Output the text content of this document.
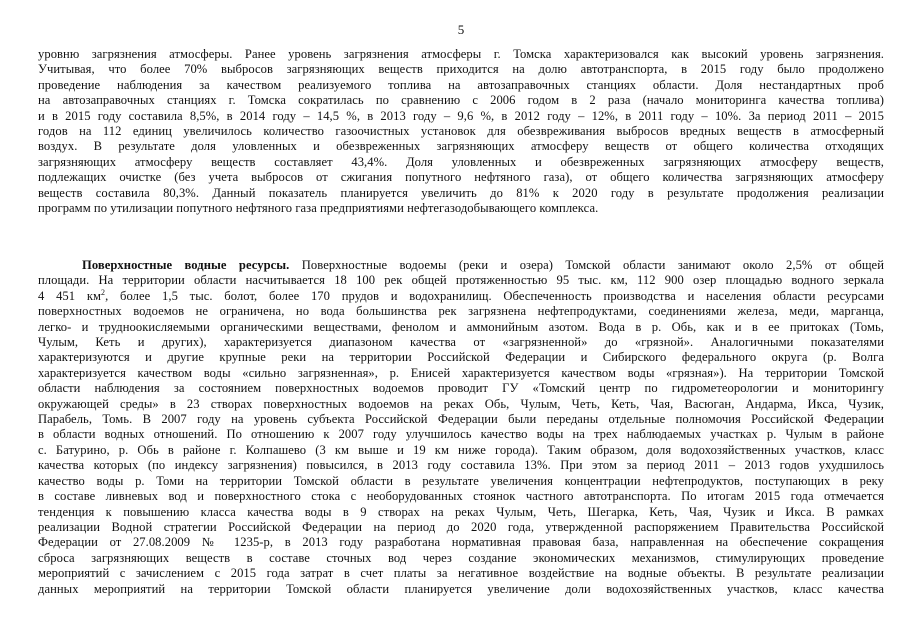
5

уровню загрязнения атмосферы. Ранее уровень загрязнения атмосферы г. Томска характеризовался как высокий уровень загрязнения.
Учитывая, что более 70% выбросов загрязняющих веществ приходится на долю автотранспорта, в 2015 году было продолжено
проведение наблюдения за качеством реализуемого топлива на автозаправочных станциях области. Доля нестандартных проб
на автозаправочных станциях г. Томска сократилась по сравнению с 2006 годом в 2 раза (начало мониторинга качества топлива)
и в 2015 году составила 8,5%, в 2014 году – 14,5 %, в 2013 году – 9,6 %, в 2012 году – 12%, в 2011 году – 10%. За период 2011 – 2015
годов на 112 единиц увеличилось количество газоочистных установок для обезвреживания выбросов вредных веществ в атмосферный
воздух. В результате доля уловленных и обезвреженных загрязняющих атмосферу веществ от общего количества отходящих
загрязняющих атмосферу веществ составляет 43,4%. Доля уловленных и обезвреженных загрязняющих атмосферу веществ,
подлежащих очистке (без учета выбросов от сжигания попутного нефтяного газа), от общего количества загрязняющих атмосферу
веществ составила 80,3%. Данный показатель планируется увеличить до 81% к 2020 году в результате продолжения реализации
программ по утилизации попутного нефтяного газа предприятиями нефтегазодобывающего комплекса.

Поверхностные водные ресурсы. Поверхностные водоемы (реки и озера) Томской области занимают около 2,5% от общей
площади. На территории области насчитывается 18 100 рек общей протяженностью 95 тыс. км, 112 900 озер площадью водного зеркала
4 451 $км^2$, более 1,5 тыс. болот, более 170 прудов и водохранилищ. Обеспеченность производства и населения области ресурсами
поверхностных водоемов не ограничена, но вода большинства рек загрязнена нефтепродуктами, соединениями железа, меди, марганца,
легко- и трудноокисляемыми органическими веществами, фенолом и аммонийным азотом. Вода в р. Обь, как и в ее притоках (Томь,
Чулым, Кеть и других), характеризуется диапазоном качества от «загрязненной» до «грязной». Аналогичными показателями
характеризуются и другие крупные реки на территории Российской Федерации и Сибирского федерального округа (р. Волга
характеризуется качеством воды «сильно загрязненная», р. Енисей характеризуется качеством воды «грязная»). На территории Томской
области наблюдения за состоянием поверхностных водоемов проводит ГУ «Томский центр по гидрометеорологии и мониторингу
окружающей среды» в 23 створах поверхностных водоемов на реках Обь, Чулым, Четь, Кеть, Чая, Васюган, Андарма, Икса, Чузик,
Парабель, Томь. В 2007 году на уровень субъекта Российской Федерации были переданы отдельные полномочия Российской Федерации
в области водных отношений. По отношению к 2007 году улучшилось качество воды на трех наблюдаемых участках р. Чулым в районе
с. Батурино, р. Обь в районе г. Колпашево (3 км выше и 19 км ниже города). Таким образом, доля водохозяйственных участков, класс
качества которых (по индексу загрязнения) повысился, в 2013 году составила 13%. При этом за период 2011 – 2013 годов ухудшилось
качество воды р. Томи на территории Томской области в результате увеличения концентрации нефтепродуктов, поступающих в реку
в составе ливневых вод и поверхностного стока с необорудованных стоянок частного автотранспорта. По итогам 2015 года отмечается
тенденция к повышению класса качества воды в 9 створах на реках Чулым, Четь, Шегарка, Кеть, Чая, Чузик и Икса. В рамках
реализации Водной стратегии Российской Федерации на период до 2020 года, утвержденной распоряжением Правительства Российской
Федерации от 27.08.2009 № 1235-р, в 2013 году разработана нормативная правовая база, направленная на обеспечение сокращения
сброса загрязняющих веществ в составе сточных вод через создание экономических механизмов, стимулирующих проведение
мероприятий с зачислением с 2015 года затрат в счет платы за негативное воздействие на водные объекты. В результате реализации
данных мероприятий на территории Томской области планируется увеличение доли водохозяйственных участков, класс качества
